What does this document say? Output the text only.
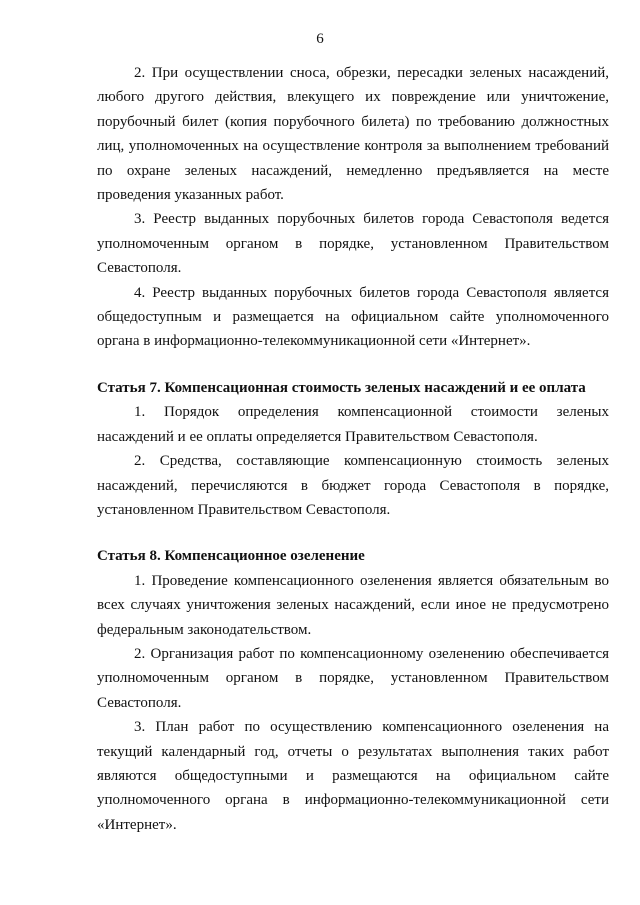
6

2. При осуществлении сноса, обрезки, пересадки зеленых насаждений, любого другого действия, влекущего их повреждение или уничтожение, порубочный билет (копия порубочного билета) по требованию должностных лиц, уполномоченных на осуществление контроля за выполнением требований по охране зеленых насаждений, немедленно предъявляется на месте проведения указанных работ.

3. Реестр выданных порубочных билетов города Севастополя ведется уполномоченным органом в порядке, установленном Правительством Севастополя.

4. Реестр выданных порубочных билетов города Севастополя является общедоступным и размещается на официальном сайте уполномоченного органа в информационно-телекоммуникационной сети «Интернет».

Статья 7. Компенсационная стоимость зеленых насаждений и ее оплата

1. Порядок определения компенсационной стоимости зеленых насаждений и ее оплаты определяется Правительством Севастополя.

2. Средства, составляющие компенсационную стоимость зеленых насаждений, перечисляются в бюджет города Севастополя в порядке, установленном Правительством Севастополя.

Статья 8. Компенсационное озеленение

1. Проведение компенсационного озеленения является обязательным во всех случаях уничтожения зеленых насаждений, если иное не предусмотрено федеральным законодательством.

2. Организация работ по компенсационному озеленению обеспечивается уполномоченным органом в порядке, установленном Правительством Севастополя.

3. План работ по осуществлению компенсационного озеленения на текущий календарный год, отчеты о результатах выполнения таких работ являются общедоступными и размещаются на официальном сайте уполномоченного органа в информационно-телекоммуникационной сети «Интернет».
